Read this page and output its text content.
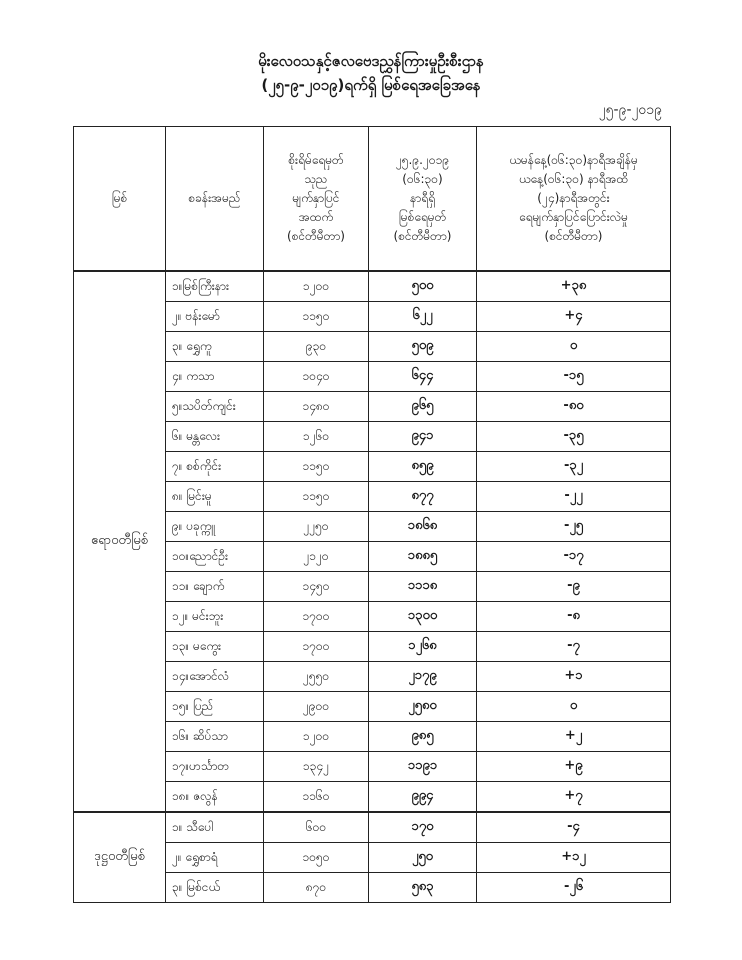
မိုးလေဝသနှင့်ဇလဗေဒညွှန်ကြားမှုဦးစီးဌာန
(၂၅-၉-၂၀၁၉)ရက်ရှိ မြစ်ရေအခြေအနေ
၂၅-၉-၂၀၁၉
မြစ်	စခန်းအမည်	စိုးရိမ်ရေမှတ်
သုည
မျက်နှာပြင်
အထက်
(စင်တီမီတာ)	၂၅.၉.၂၀၁၉
(၀၆:၃၀)
နာရီရှိ
မြစ်ရေမှတ်
(စင်တီမီတာ)	ယမန်နေ့(၀၆:၃၀)နာရီအချိန်မှ
ယနေ့(၀၆:၃၀) နာရီအထိ
(၂၄)နာရီအတွင်း
ရေမျက်နှာပြင်ပြောင်းလဲမှု
(စင်တီမီတာ)
ဧရာဝတီမြစ်	၁။မြစ်ကြီးနား	၁၂၀၀	၅၀၀	+၃၈
	၂။ ဗန်းမော်	၁၁၅၀	၆၂၂	+၄
	၃။ ရွှေကူ	၉၃၀	၅၀၉	၀
	၄။ ကသာ	၁၀၄၀	၆၄၄	-၁၅
	၅။သပိတ်ကျင်း	၁၄၈၀	၉၆၅	-၈၀
	၆။ မန္တလေး	၁၂၆၀	၉၄၁	-၃၅
	၇။ စစ်ကိုင်း	၁၁၅၀	၈၅၉	-၃၂
	၈။ မြင်းမူ	၁၁၅၀	၈၇၇	-၂၂
	၉။ ပခုက္ကူ	၂၂၅၀	၁၈၆၈	-၂၅
	၁၀။ညောင်ဦး	၂၁၂၀	၁၈၈၅	-၁၇
	၁၁။ ချောက်	၁၄၅၀	၁၁၁၈	-၉
	၁၂။ မင်းဘူး	၁၇၀၀	၁၃၀၀	-၈
	၁၃။ မကွေး	၁၇၀၀	၁၂၆၈	-၇
	၁၄။အောင်လံ	၂၅၅၀	၂၁၇၉	+၁
	၁၅။ ပြည်	၂၉၀၀	၂၅၈၀	၀
	၁၆။ ဆိပ်သာ	၁၂၀၀	၉၈၅	+၂
	၁၇။ဟင်္သာတ	၁၃၄၂	၁၁၉၁	+၉
	၁၈။ ဇလွန်	၁၁၆၀	၉၉၄	+၇
ဒုဋ္ဌဝတီမြစ်	၁။ သီပေါ	၆၀၀	၁၇၀	-၄
	၂။ ရွှေစာရံ	၁၀၅၀	၂၅၀	+၁၂
	၃။ မြစ်ငယ်	၈၇၀	၅၈၃	-၂၆
